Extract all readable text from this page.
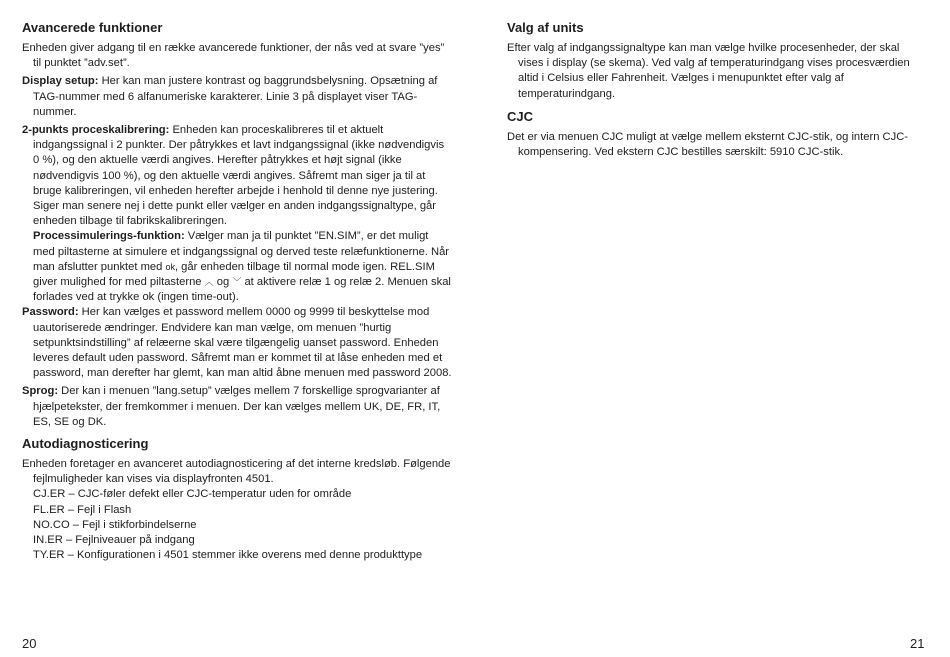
Avancerede funktioner

Enheden giver adgang til en række avancerede funktioner, der nås ved at svare ”yes” til punktet ”adv.set”.

Display setup: Her kan man justere kontrast og baggrundsbelysning. Opsætning af TAG-nummer med 6 alfanumeriske karakterer. Linie 3 på displayet viser TAG-nummer.

2-punkts proceskalibrering: Enheden kan proceskalibreres til et aktuelt indgangssignal i 2 punkter. Der påtrykkes et lavt indgangssignal (ikke nødvendigvis 0 %), og den aktuelle værdi angives. Herefter påtrykkes et højt signal (ikke nødvendigvis 100 %), og den aktuelle værdi angives. Såfremt man siger ja til at bruge kalibreringen, vil enheden herefter arbejde i henhold til denne nye justering. Siger man senere nej i dette punkt eller vælger en anden indgangssignaltype, går enheden tilbage til fabrikskalibreringen.

Processimulerings-funktion: Vælger man ja til punktet ”EN.SIM”, er det muligt med piltasterne at simulere et indgangssignal og derved teste relæfunktionerne. Når man afslutter punktet med ok, går enheden tilbage til normal mode igen. REL.SIM giver mulighed for med piltasterne ︿ og ﹀ at aktivere relæ 1 og relæ 2. Menuen skal forlades ved at trykke ok (ingen time-out).

Password: Her kan vælges et password mellem 0000 og 9999 til beskyttelse mod uautoriserede ændringer. Endvidere kan man vælge, om menuen ”hurtig setpunktsindstilling” af relæerne skal være tilgængelig uanset password. Enheden leveres default uden password. Såfremt man er kommet til at låse enheden med et password, man derefter har glemt, kan man altid åbne menuen med password 2008.

Sprog: Der kan i menuen ”lang.setup” vælges mellem 7 forskellige sprogvarianter af hjælpetekster, der fremkommer i menuen. Der kan vælges mellem UK, DE, FR, IT, ES, SE og DK.

Autodiagnosticering

Enheden foretager en avanceret autodiagnosticering af det interne kredsløb. Følgende fejlmuligheder kan vises via displayfronten 4501.

CJ.ER – CJC-føler defekt eller CJC-temperatur uden for område
FL.ER – Fejl i Flash
NO.CO – Fejl i stikforbindelserne
IN.ER – Fejlniveauer på indgang
TY.ER – Konfigurationen i 4501 stemmer ikke overens med denne produkttype
Valg af units

Efter valg af indgangssignaltype kan man vælge hvilke procesenheder, der skal vises i display (se skema). Ved valg af temperaturindgang vises procesværdien altid i Celsius eller Fahrenheit. Vælges i menupunktet efter valg af temperaturindgang.

CJC

Det er via menuen CJC muligt at vælge mellem eksternt CJC-stik, og intern CJC-kompensering. Ved ekstern CJC bestilles særskilt: 5910 CJC-stik.

20	21
